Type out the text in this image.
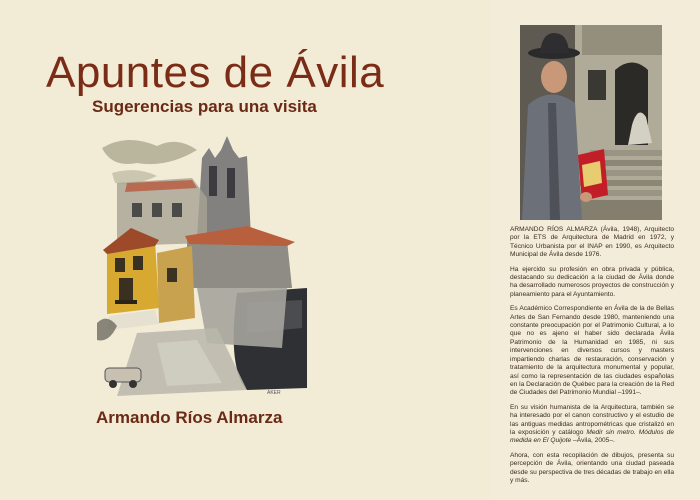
Apuntes de Ávila
Sugerencias para una visita
AKER

Armando Ríos Almarza

ARMANDO RÍOS ALMARZA (Ávila, 1948), Arquitecto por la ETS de Arquitectura de Madrid en 1972, y Técnico Urbanista por el INAP en 1990, es Arquitecto Municipal de Ávila desde 1976.

Ha ejercido su profesión en obra privada y pública, destacando su dedicación a la ciudad de Ávila donde ha desarrollado numerosos proyectos de construcción y planeamiento para el Ayuntamiento.

Es Académico Correspondiente en Ávila de la de Bellas Artes de San Fernando desde 1980, manteniendo una constante preocupación por el Patrimonio Cultural, a lo que no es ajeno el haber sido declarada Ávila Patrimonio de la Humanidad en 1985, ni sus intervenciones en diversos cursos y masters impartiendo charlas de restauración, conservación y tratamiento de la arquitectura monumental y popular, así como la representación de las ciudades españolas en la Declaración de Québec para la creación de la Red de Ciudades del Patrimonio Mundial –1991–.

En su visión humanista de la Arquitectura, también se ha interesado por el canon constructivo y el estudio de las antiguas medidas antropométricas que cristalizó en la exposición y catálogo Medir sin metro. Módulos de medida en El Quijote –Ávila, 2005–.

Ahora, con esta recopilación de dibujos, presenta su percepción de Ávila, orientando una ciudad paseada desde su perspectiva de tres décadas de trabajo en ella y más.
